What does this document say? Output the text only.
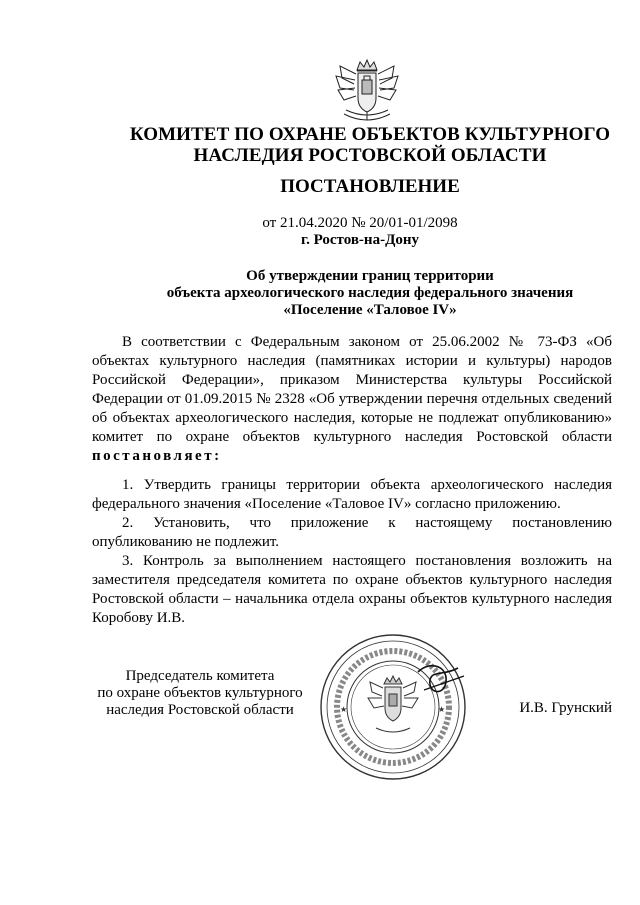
КОМИТЕТ ПО ОХРАНЕ ОБЪЕКТОВ КУЛЬТУРНОГО
НАСЛЕДИЯ РОСТОВСКОЙ ОБЛАСТИ
ПОСТАНОВЛЕНИЕ
от 21.04.2020 № 20/01-01/2098
г. Ростов-на-Дону
Об утверждении границ территории
объекта археологического наследия федерального значения
«Поселение «Таловое IV»

В соответствии с Федеральным законом от 25.06.2002 № 73-ФЗ «Об объектах культурного наследия (памятниках истории и культуры) народов Российской Федерации», приказом Министерства культуры Российской Федерации от 01.09.2015 № 2328 «Об утверждении перечня отдельных сведений об объектах археологического наследия, которые не подлежат опубликованию» комитет по охране объектов культурного наследия Ростовской области постановляет:

1. Утвердить границы территории объекта археологического наследия федерального значения «Поселение «Таловое IV» согласно приложению.

2. Установить, что приложение к настоящему постановлению опубликованию не подлежит.

3. Контроль за выполнением настоящего постановления возложить на заместителя председателя комитета по охране объектов культурного наследия Ростовской области – начальника отдела охраны объектов культурного наследия Коробову И.В.

Председатель комитета
по охране объектов культурного
наследия Ростовской области	★	★	И.В. Грунский
